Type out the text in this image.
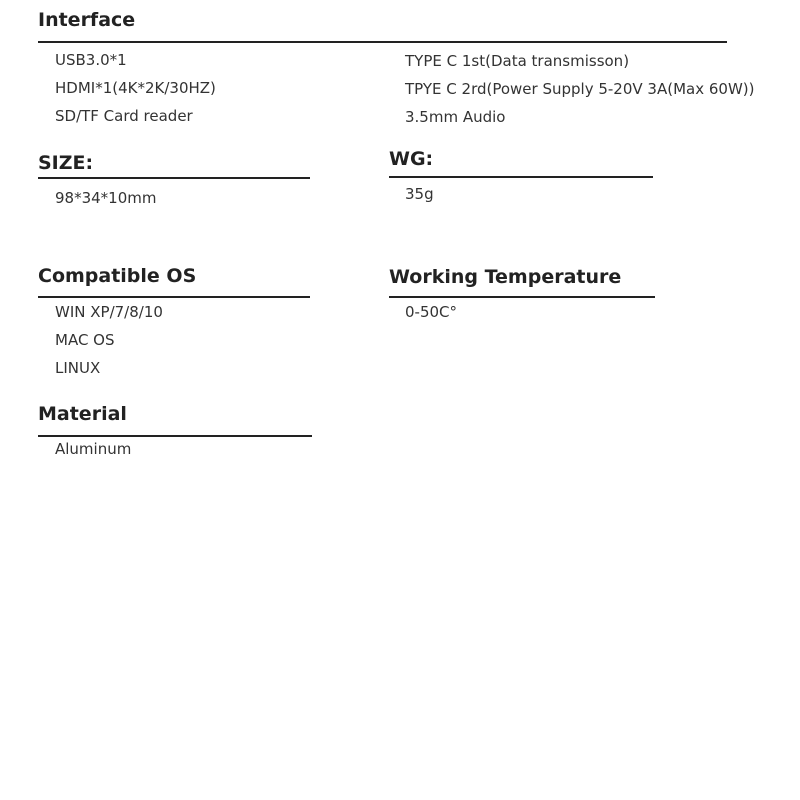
Interface
USB3.0*1
HDMI*1(4K*2K/30HZ)
SD/TF Card reader
TYPE C 1st(Data transmisson)
TPYE C 2rd(Power Supply 5-20V 3A(Max 60W))
3.5mm Audio
SIZE:
98*34*10mm
WG:
35g
Compatible OS
WIN XP/7/8/10
MAC OS
LINUX
Working Temperature
0-50C°
Material
Aluminum
